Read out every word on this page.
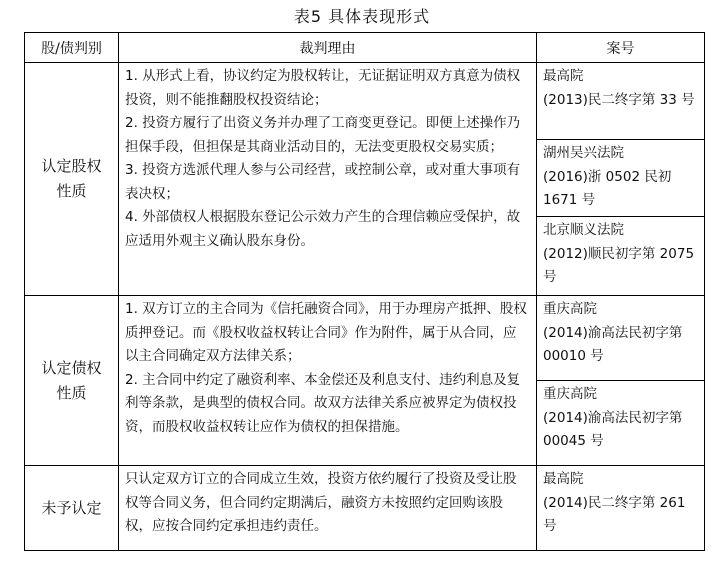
表5 具体表现形式
股/债判别	裁判理由	案号
认定股权性质	1. 从形式上看，协议约定为股权转让，无证据证明双方真意为债权投资，则不能推翻股权投资结论；
2. 投资方履行了出资义务并办理了工商变更登记。即便上述操作乃担保手段，但担保是其商业活动目的，无法变更股权交易实质；
3. 投资方选派代理人参与公司经营，或控制公章，或对重大事项有表决权；
4. 外部债权人根据股东登记公示效力产生的合理信赖应受保护，故应适用外观主义确认股东身份。	最高院
(2013)民二终字第 33 号

		湖州吴兴法院
(2016)浙 0502 民初 1671 号

		北京顺义法院
(2012)顺民初字第 2075 号

认定债权性质	1. 双方订立的主合同为《信托融资合同》，用于办理房产抵押、股权质押登记。而《股权收益权转让合同》作为附件，属于从合同，应以主合同确定双方法律关系；
2. 主合同中约定了融资利率、本金偿还及利息支付、违约利息及复利等条款，是典型的债权合同。故双方法律关系应被界定为债权投资，而股权收益权转让应作为债权的担保措施。	重庆高院
(2014)渝高法民初字第 00010 号

		重庆高院
(2014)渝高法民初字第 00045 号

未予认定	只认定双方订立的合同成立生效，投资方依约履行了投资及受让股权等合同义务，但合同约定期满后，融资方未按照约定回购该股权，应按合同约定承担违约责任。	最高院
(2014)民二终字第 261 号
